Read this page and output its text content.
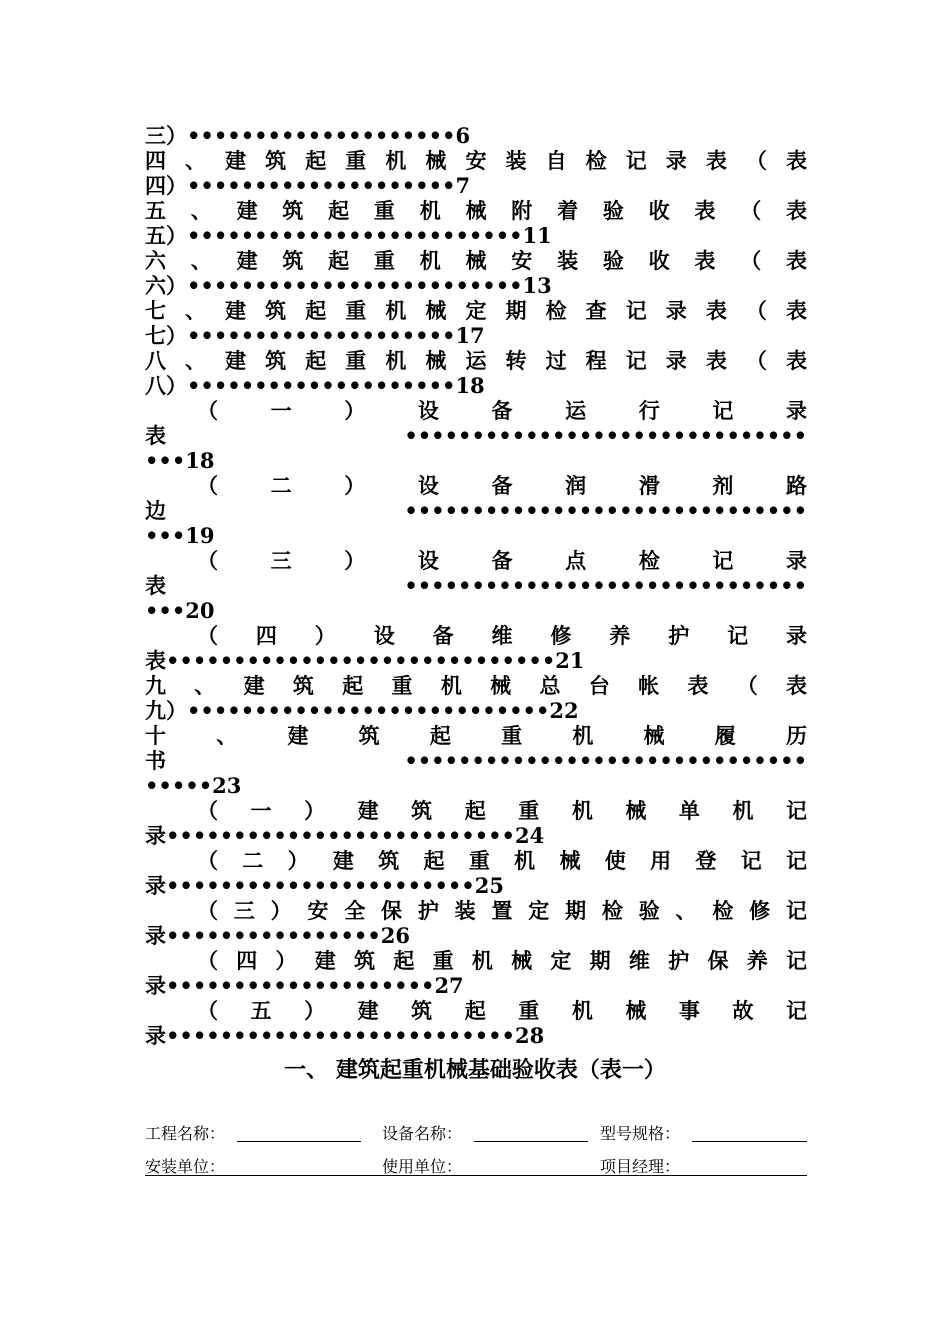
三）••••••••••••••••••••6
四 、 建 筑 起 重 机 械 安 装 自 检 记 录 表 （ 表
四）••••••••••••••••••••7
五 、 建 筑 起 重 机 械 附 着 验 收 表 （ 表
五）•••••••••••••••••••••••••11
六 、 建 筑 起 重 机 械 安 装 验 收 表 （ 表
六）•••••••••••••••••••••••••13
七 、 建 筑 起 重 机 械 定 期 检 查 记 录 表 （ 表
七）••••••••••••••••••••17
八 、 建 筑 起 重 机 械 运 转 过 程 记 录 表 （ 表
八）••••••••••••••••••••18
（ 一 ） 设 备 运 行 记 录
表 ••••••••••••••••••••••••••••••
•••18
（ 二 ） 设 备 润 滑 剂 路
边 ••••••••••••••••••••••••••••••
•••19
（ 三 ） 设 备 点 检 记 录
表 ••••••••••••••••••••••••••••••
•••20
（ 四 ） 设 备 维 修 养 护 记 录
表•••••••••••••••••••••••••••••21
九 、 建 筑 起 重 机 械 总 台 帐 表 （ 表
九）•••••••••••••••••••••••••••22
十 、 建 筑 起 重 机 械 履 历
书 ••••••••••••••••••••••••••••••
•••••23
（ 一 ） 建 筑 起 重 机 械 单 机 记
录••••••••••••••••••••••••••24
（ 二 ） 建 筑 起 重 机 械 使 用 登 记 记
录•••••••••••••••••••••••25
（ 三 ） 安 全 保 护 装 置 定 期 检 验 、 检 修 记
录••••••••••••••••26
（ 四 ） 建 筑 起 重 机 械 定 期 维 护 保 养 记
录••••••••••••••••••••27
（ 五 ） 建 筑 起 重 机 械 事 故 记
录••••••••••••••••••••••••••28
一、 建筑起重机械基础验收表（表一）
工程名称：	设备名称：	型号规格：
安装单位：	使用单位：	项目经理：
